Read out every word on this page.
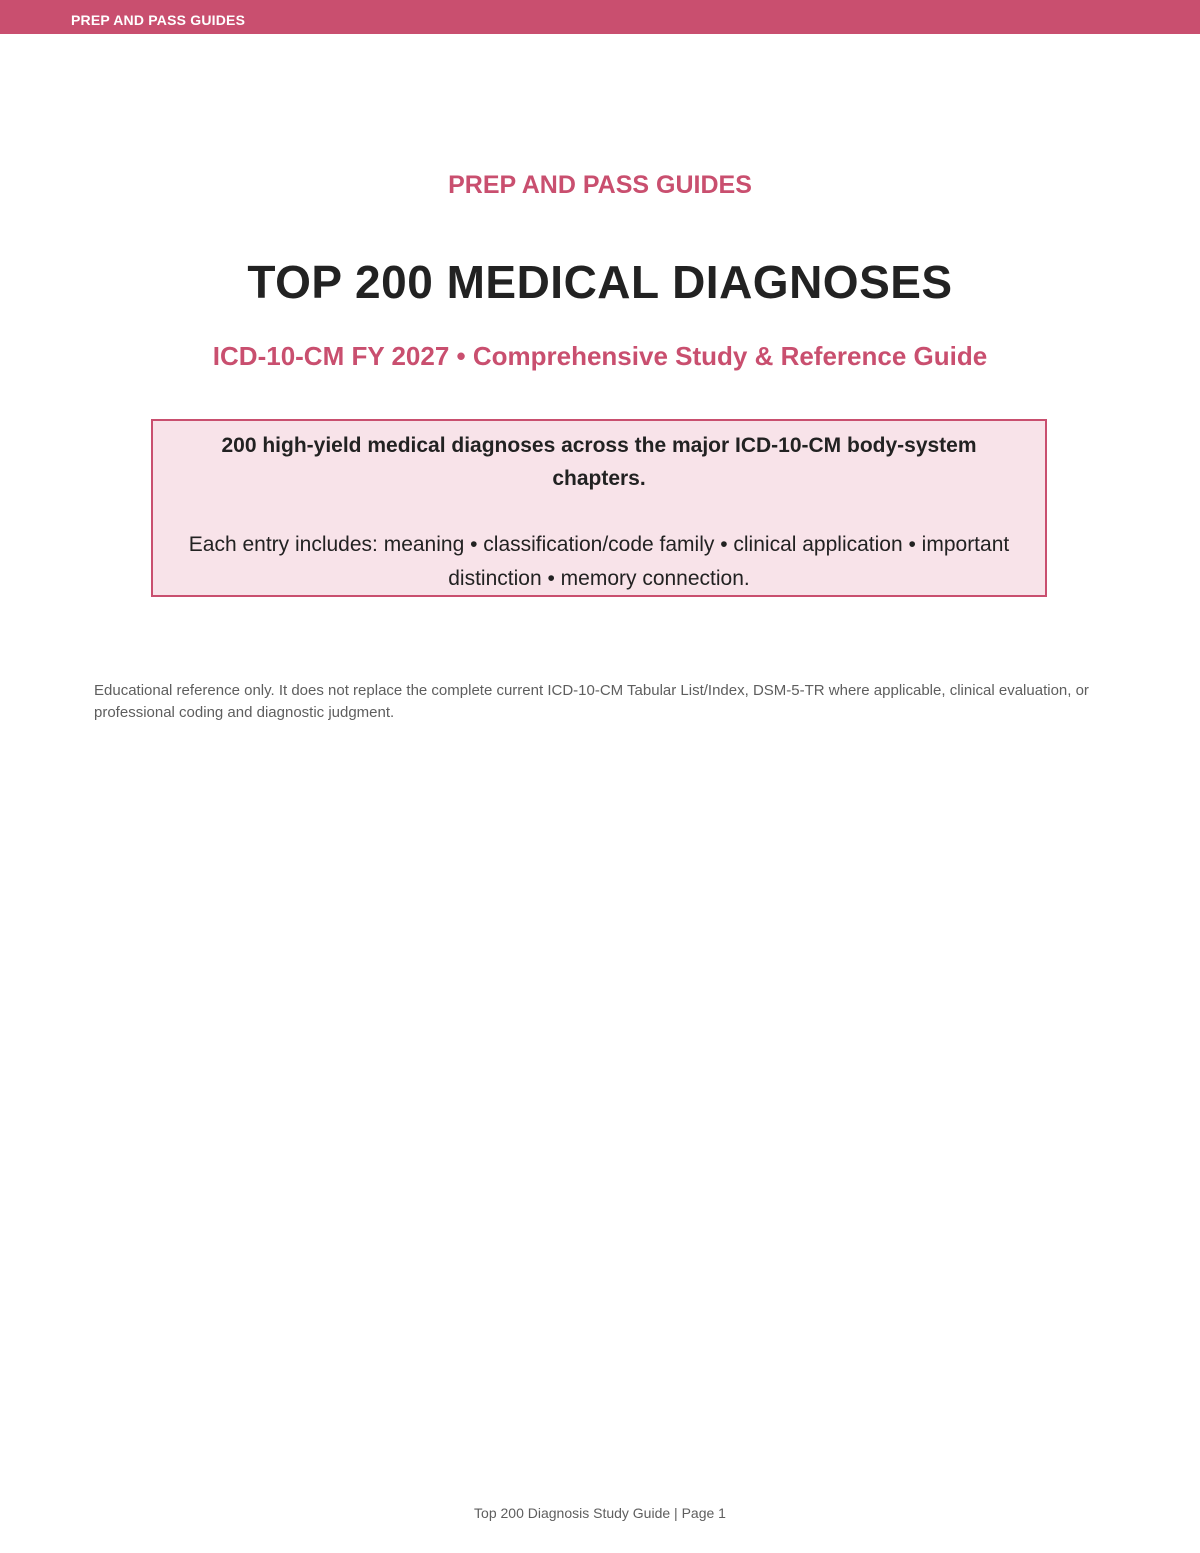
PREP AND PASS GUIDES
PREP AND PASS GUIDES
TOP 200 MEDICAL DIAGNOSES
ICD-10-CM FY 2027 • Comprehensive Study & Reference Guide

200 high-yield medical diagnoses across the major ICD-10-CM body-system chapters.

Each entry includes: meaning • classification/code family • clinical application • important distinction • memory connection.

Educational reference only. It does not replace the complete current ICD-10-CM Tabular List/Index, DSM-5-TR where applicable, clinical evaluation, or professional coding and diagnostic judgment.

Top 200 Diagnosis Study Guide | Page 1
